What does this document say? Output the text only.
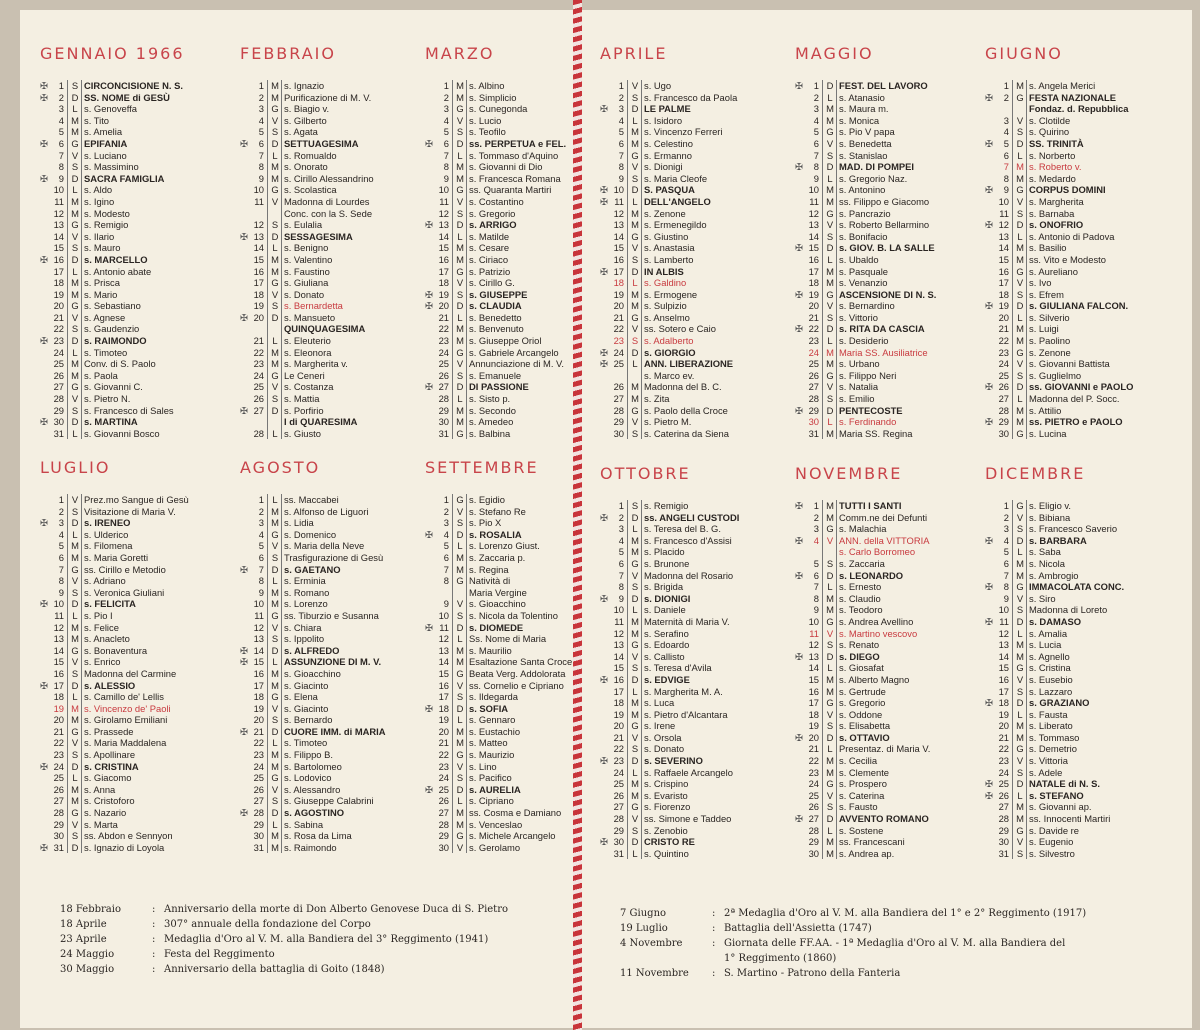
GENNAIO 1966
✠	1 S CIRCONCISIONE N. S.
✠	2 D SS. NOME di GESÙ
3 L s. Genoveffa
4 M s. Tito
5 M s. Amelia
✠	6 G EPIFANIA
7 V s. Luciano
8 S s. Massimino
✠	9 D SACRA FAMIGLIA
10 L s. Aldo
11 M s. Igino
12 M s. Modesto
13 G s. Remigio
14 V s. Ilario
15 S s. Mauro
✠ 16 D s. MARCELLO
17 L s. Antonio abate
18 M s. Prisca
19 M s. Mario
20 G s. Sebastiano
21 V s. Agnese
22 S s. Gaudenzio
✠ 23 D s. RAIMONDO
24 L s. Timoteo
25 M Conv. di S. Paolo
26 M s. Paola
27 G s. Giovanni C.
28 V s. Pietro N.
29 S s. Francesco di Sales
✠ 30 D s. MARTINA
31 L s. Giovanni Bosco
FEBBRAIO
1 M s. Ignazio
2 M Purificazione di M. V.
3 G s. Biagio v.
4 V s. Gilberto
5 S s. Agata
✠	6 D SETTUAGESIMA
7 L s. Romualdo
8 M s. Onorato
9 M s. Cirillo Alessandrino
10 G s. Scolastica
11 V Madonna di Lourdes
Conc. con la S. Sede
12 S s. Eulalia
✠ 13 D SESSAGESIMA
14 L s. Benigno
15 M s. Valentino
16 M s. Faustino
17 G s. Giuliana
18 V s. Donato
19 S s. Bernardetta
✠ 20 D s. Mansueto
QUINQUAGESIMA
21 L s. Eleuterio
22 M s. Eleonora
23 M s. Margherita v.
24 G Le Ceneri
25 V s. Costanza
26 S s. Mattia
✠ 27 D s. Porfirio
I di QUARESIMA
28 L s. Giusto
MARZO
1 M s. Albino
2 M s. Simplicio
3 G s. Cunegonda
4 V s. Lucio
5 S s. Teofilo
✠	6 D ss. PERPETUA e FEL.
7 L s. Tommaso d'Aquino
8 M s. Giovanni di Dio
9 M s. Francesca Romana
10 G ss. Quaranta Martiri
11 V s. Costantino
12 S s. Gregorio
✠ 13 D s. ARRIGO
14 L s. Matilde
15 M s. Cesare
16 M s. Ciriaco
17 G s. Patrizio
18 V s. Cirillo G.
✠ 19 S s. GIUSEPPE
✠ 20 D s. CLAUDIA
21 L s. Benedetto
22 M s. Benvenuto
23 M s. Giuseppe Oriol
24 G s. Gabriele Arcangelo
25 V Annunciazione di M. V.
26 S s. Emanuele
✠ 27 D DI PASSIONE
28 L s. Sisto p.
29 M s. Secondo
30 M s. Amedeo
31 G s. Balbina
APRILE
1 V s. Ugo
2 S s. Francesco da Paola
✠	3 D LE PALME
4 L s. Isidoro
5 M s. Vincenzo Ferreri
6 M s. Celestino
7 G s. Ermanno
8 V s. Dionigi
9 S s. Maria Cleofe
✠ 10 D S. PASQUA
✠ 11 L DELL'ANGELO
12 M s. Zenone
13 M s. Ermenegildo
14 G s. Giustino
15 V s. Anastasia
16 S s. Lamberto
✠ 17 D IN ALBIS
18 L s. Galdino
19 M s. Ermogene
20 M s. Sulpizio
21 G s. Anselmo
22 V ss. Sotero e Caio
23 S s. Adalberto
✠ 24 D s. GIORGIO
✠ 25 L ANN. LIBERAZIONE
s. Marco ev.
26 M Madonna del B. C.
27 M s. Zita
28 G s. Paolo della Croce
29 V s. Pietro M.
30 S s. Caterina da Siena
MAGGIO
✠	1 D FEST. DEL LAVORO
2 L s. Atanasio
3 M s. Maura m.
4 M s. Monica
5 G s. Pio V papa
6 V s. Benedetta
7 S s. Stanislao
✠	8 D MAD. DI POMPEI
9 L s. Gregorio Naz.
10 M s. Antonino
11 M ss. Filippo e Giacomo
12 G s. Pancrazio
13 V s. Roberto Bellarmino
14 S s. Bonifacio
✠ 15 D s. GIOV. B. LA SALLE
16 L s. Ubaldo
17 M s. Pasquale
18 M s. Venanzio
✠ 19 G ASCENSIONE DI N. S.
20 V s. Bernardino
21 S s. Vittorio
✠ 22 D s. RITA DA CASCIA
23 L s. Desiderio
24 M Maria SS. Ausiliatrice
25 M s. Urbano
26 G s. Filippo Neri
27 V s. Natalia
28 S s. Emilio
✠ 29 D PENTECOSTE
30 L s. Ferdinando
31 M Maria SS. Regina
GIUGNO
1 M s. Angela Merici
✠	2 G FESTA NAZIONALE
Fondaz. d. Repubblica
3 V s. Clotilde
4 S s. Quirino
✠	5 D SS. TRINITÀ
6 L s. Norberto
7 M s. Roberto v.
8 M s. Medardo
✠	9 G CORPUS DOMINI
10 V s. Margherita
11 S s. Barnaba
✠ 12 D s. ONOFRIO
13 L s. Antonio di Padova
14 M s. Basilio
15 M ss. Vito e Modesto
16 G s. Aureliano
17 V s. Ivo
18 S s. Efrem
✠ 19 D s. GIULIANA FALCON.
20 L s. Silverio
21 M s. Luigi
22 M s. Paolino
23 G s. Zenone
24 V s. Giovanni Battista
25 S s. Guglielmo
✠ 26 D ss. GIOVANNI e PAOLO
27 L Madonna del P. Socc.
28 M s. Attilio
✠ 29 M ss. PIETRO e PAOLO
30 G s. Lucina
LUGLIO
1 V Prez.mo Sangue di Gesù
2 S Visitazione di Maria V.
✠	3 D s. IRENEO
4 L s. Ulderico
5 M s. Filomena
6 M s. Maria Goretti
7 G ss. Cirillo e Metodio
8 V s. Adriano
9 S s. Veronica Giuliani
✠ 10 D s. FELICITA
11 L s. Pio I
12 M s. Felice
13 M s. Anacleto
14 G s. Bonaventura
15 V s. Enrico
16 S Madonna del Carmine
✠ 17 D s. ALESSIO
18 L s. Camillo de' Lellis
19 M s. Vincenzo de' Paoli
20 M s. Girolamo Emiliani
21 G s. Prassede
22 V s. Maria Maddalena
23 S s. Apollinare
✠ 24 D s. CRISTINA
25 L s. Giacomo
26 M s. Anna
27 M s. Cristoforo
28 G s. Nazario
29 V s. Marta
30 S ss. Abdon e Sennyon
✠ 31 D s. Ignazio di Loyola
AGOSTO
1 L ss. Maccabei
2 M s. Alfonso de Liguori
3 M s. Lidia
4 G s. Domenico
5 V s. Maria della Neve
6 S Trasfigurazione di Gesù
✠	7 D s. GAETANO
8 L s. Erminia
9 M s. Romano
10 M s. Lorenzo
11 G ss. Tiburzio e Susanna
12 V s. Chiara
13 S s. Ippolito
✠ 14 D s. ALFREDO
✠ 15 L ASSUNZIONE DI M. V.
16 M s. Gioacchino
17 M s. Giacinto
18 G s. Elena
19 V s. Giacinto
20 S s. Bernardo
✠ 21 D CUORE IMM. di MARIA
22 L s. Timoteo
23 M s. Filippo B.
24 M s. Bartolomeo
25 G s. Lodovico
26 V s. Alessandro
27 S s. Giuseppe Calabrini
✠ 28 D s. AGOSTINO
29 L s. Sabina
30 M s. Rosa da Lima
31 M s. Raimondo
SETTEMBRE
1 G s. Egidio
2 V s. Stefano Re
3 S s. Pio X
✠	4 D s. ROSALIA
5 L s. Lorenzo Giust.
6 M s. Zaccaria p.
7 M s. Regina
8 G Natività di
Maria Vergine
9 V s. Gioacchino
10 S s. Nicola da Tolentino
✠ 11 D s. DIOMEDE
12 L Ss. Nome di Maria
13 M s. Maurilio
14 M Esaltazione Santa Croce
15 G Beata Verg. Addolorata
16 V ss. Cornelio e Cipriano
17 S s. Ildegarda
✠ 18 D s. SOFIA
19 L s. Gennaro
20 M s. Eustachio
21 M s. Matteo
22 G s. Maurizio
23 V s. Lino
24 S s. Pacifico
✠ 25 D s. AURELIA
26 L s. Cipriano
27 M ss. Cosma e Damiano
28 M s. Venceslao
29 G s. Michele Arcangelo
30 V s. Gerolamo
OTTOBRE
1 S s. Remigio
✠	2 D ss. ANGELI CUSTODI
3 L s. Teresa del B. G.
4 M s. Francesco d'Assisi
5 M s. Placido
6 G s. Brunone
7 V Madonna del Rosario
8 S s. Brigida
✠	9 D s. DIONIGI
10 L s. Daniele
11 M Maternità di Maria V.
12 M s. Serafino
13 G s. Edoardo
14 V s. Callisto
15 S s. Teresa d'Avila
✠ 16 D s. EDVIGE
17 L s. Margherita M. A.
18 M s. Luca
19 M s. Pietro d'Alcantara
20 G s. Irene
21 V s. Orsola
22 S s. Donato
✠ 23 D s. SEVERINO
24 L s. Raffaele Arcangelo
25 M s. Crispino
26 M s. Evaristo
27 G s. Fiorenzo
28 V ss. Simone e Taddeo
29 S s. Zenobio
✠ 30 D CRISTO RE
31 L s. Quintino
NOVEMBRE
✠	1 M TUTTI I SANTI
2 M Comm.ne dei Defunti
3 G s. Malachia
✠	4 V ANN. della VITTORIA
s. Carlo Borromeo
5 S s. Zaccaria
✠	6 D s. LEONARDO
7 L s. Ernesto
8 M s. Claudio
9 M s. Teodoro
10 G s. Andrea Avellino
11 V s. Martino vescovo
12 S s. Renato
✠ 13 D s. DIEGO
14 L s. Giosafat
15 M s. Alberto Magno
16 M s. Gertrude
17 G s. Gregorio
18 V s. Oddone
19 S s. Elisabetta
✠ 20 D s. OTTAVIO
21 L Presentaz. di Maria V.
22 M s. Cecilia
23 M s. Clemente
24 G s. Prospero
25 V s. Caterina
26 S s. Fausto
✠ 27 D AVVENTO ROMANO
28 L s. Sostene
29 M ss. Francescani
30 M s. Andrea ap.
DICEMBRE
1 G s. Eligio v.
2 V s. Bibiana
3 S s. Francesco Saverio
✠	4 D s. BARBARA
5 L s. Saba
6 M s. Nicola
7 M s. Ambrogio
✠	8 G IMMACOLATA CONC.
9 V s. Siro
10 S Madonna di Loreto
✠ 11 D s. DAMASO
12 L s. Amalia
13 M s. Lucia
14 M s. Agnello
15 G s. Cristina
16 V s. Eusebio
17 S s. Lazzaro
✠ 18 D s. GRAZIANO
19 L s. Fausta
20 M s. Liberato
21 M s. Tommaso
22 G s. Demetrio
23 V s. Vittoria
24 S s. Adele
✠ 25 D NATALE di N. S.
✠ 26 L s. STEFANO
27 M s. Giovanni ap.
28 M ss. Innocenti Martiri
29 G s. Davide re
30 V s. Eugenio
31 S s. Silvestro
18 Febbraio	: Anniversario della morte di Don Alberto Genovese Duca di S. Pietro
18 Aprile	: 307° annuale della fondazione del Corpo
23 Aprile	: Medaglia d'Oro al V. M. alla Bandiera del 3° Reggimento (1941)
24 Maggio	: Festa del Reggimento
30 Maggio	: Anniversario della battaglia di Goito (1848)
7 Giugno	: 2ª Medaglia d'Oro al V. M. alla Bandiera del 1° e 2° Reggimento (1917)
19 Luglio	: Battaglia dell'Assietta (1747)
4 Novembre	: Giornata delle FF.AA. - 1ª Medaglia d'Oro al V. M. alla Bandiera del
1° Reggimento (1860)
11 Novembre	: S. Martino - Patrono della Fanteria
